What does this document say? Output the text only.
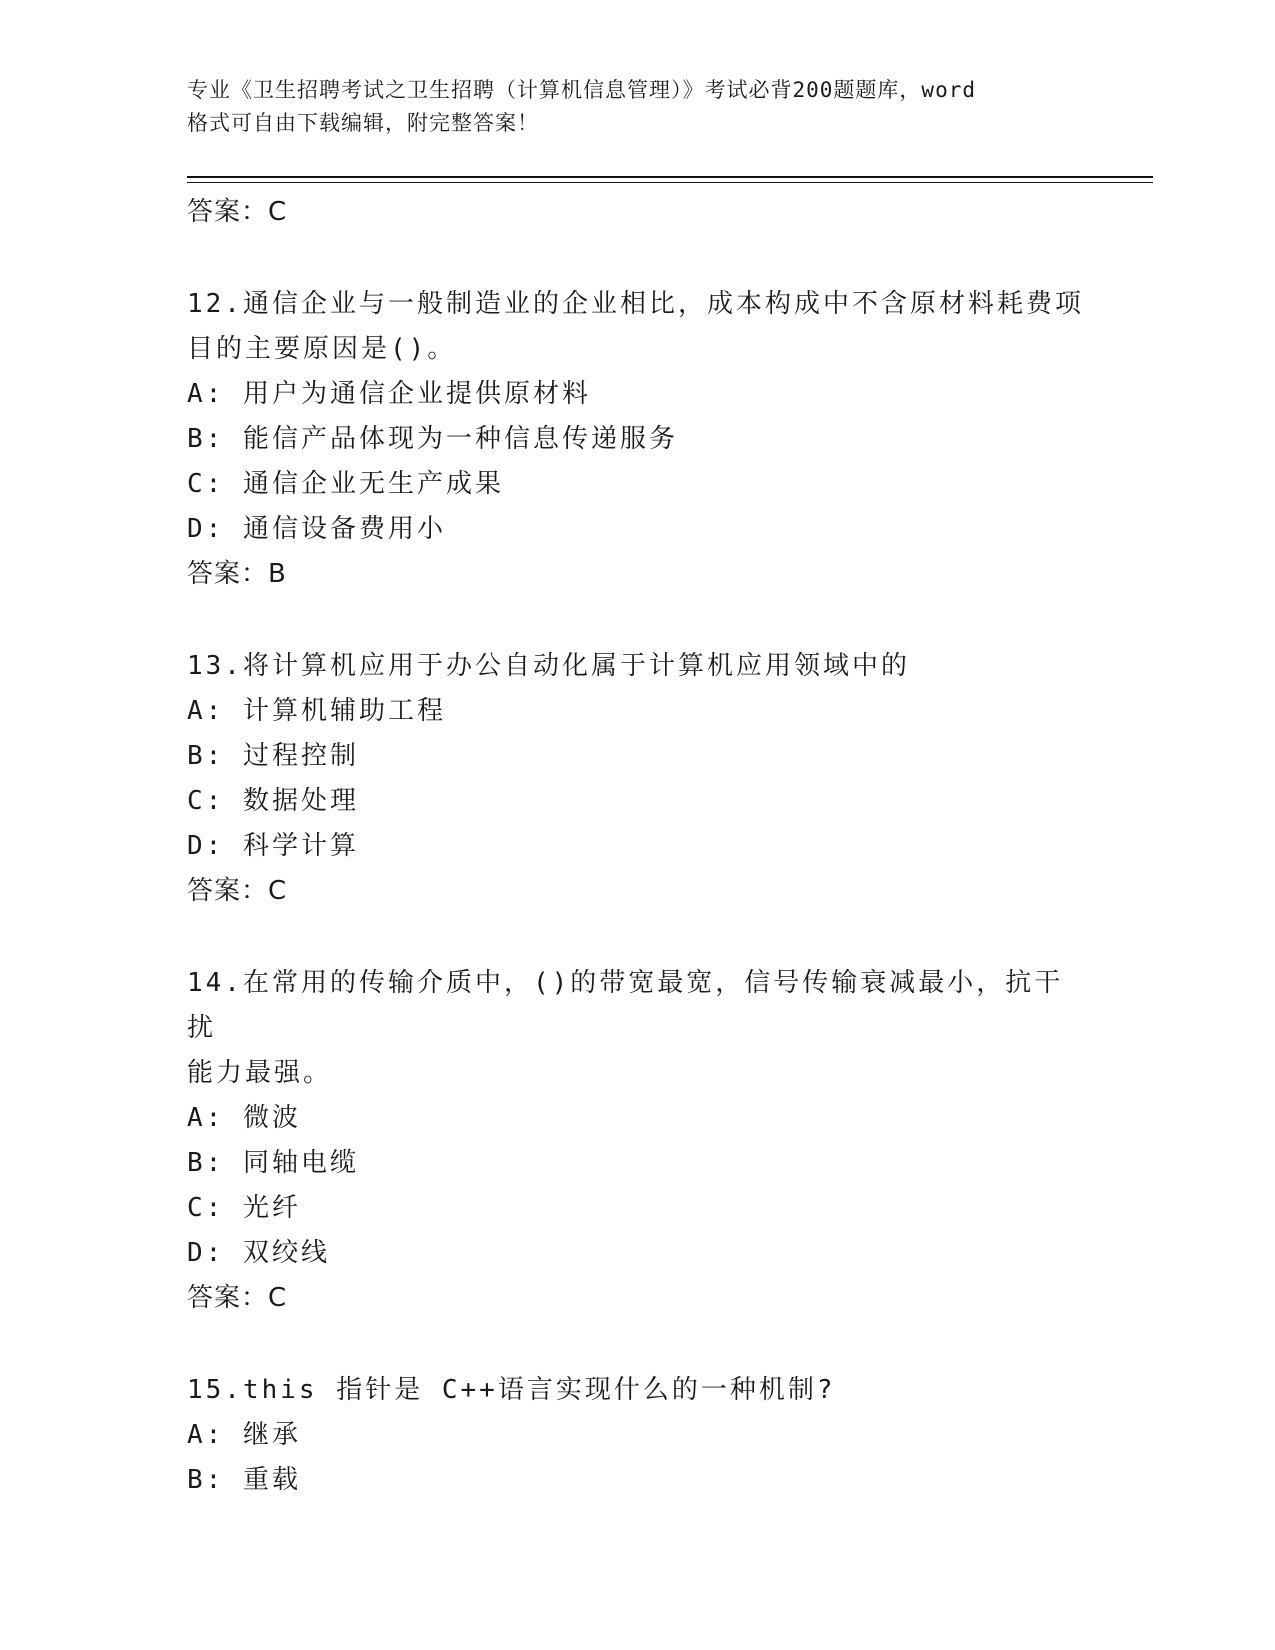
专业《卫生招聘考试之卫生招聘（计算机信息管理）》考试必背200题题库，word
格式可自由下载编辑，附完整答案！
答案：C
12.通信企业与一般制造业的企业相比，成本构成中不含原材料耗费项
目的主要原因是()。
A: 用户为通信企业提供原材料
B: 能信产品体现为一种信息传递服务
C: 通信企业无生产成果
D: 通信设备费用小
答案：B
13.将计算机应用于办公自动化属于计算机应用领域中的
A: 计算机辅助工程
B: 过程控制
C: 数据处理
D: 科学计算
答案：C
14.在常用的传输介质中，()的带宽最宽，信号传输衰减最小，抗干扰
能力最强。
A: 微波
B: 同轴电缆
C: 光纤
D: 双绞线
答案：C
15.this 指针是 C++语言实现什么的一种机制?
A: 继承
B: 重载
